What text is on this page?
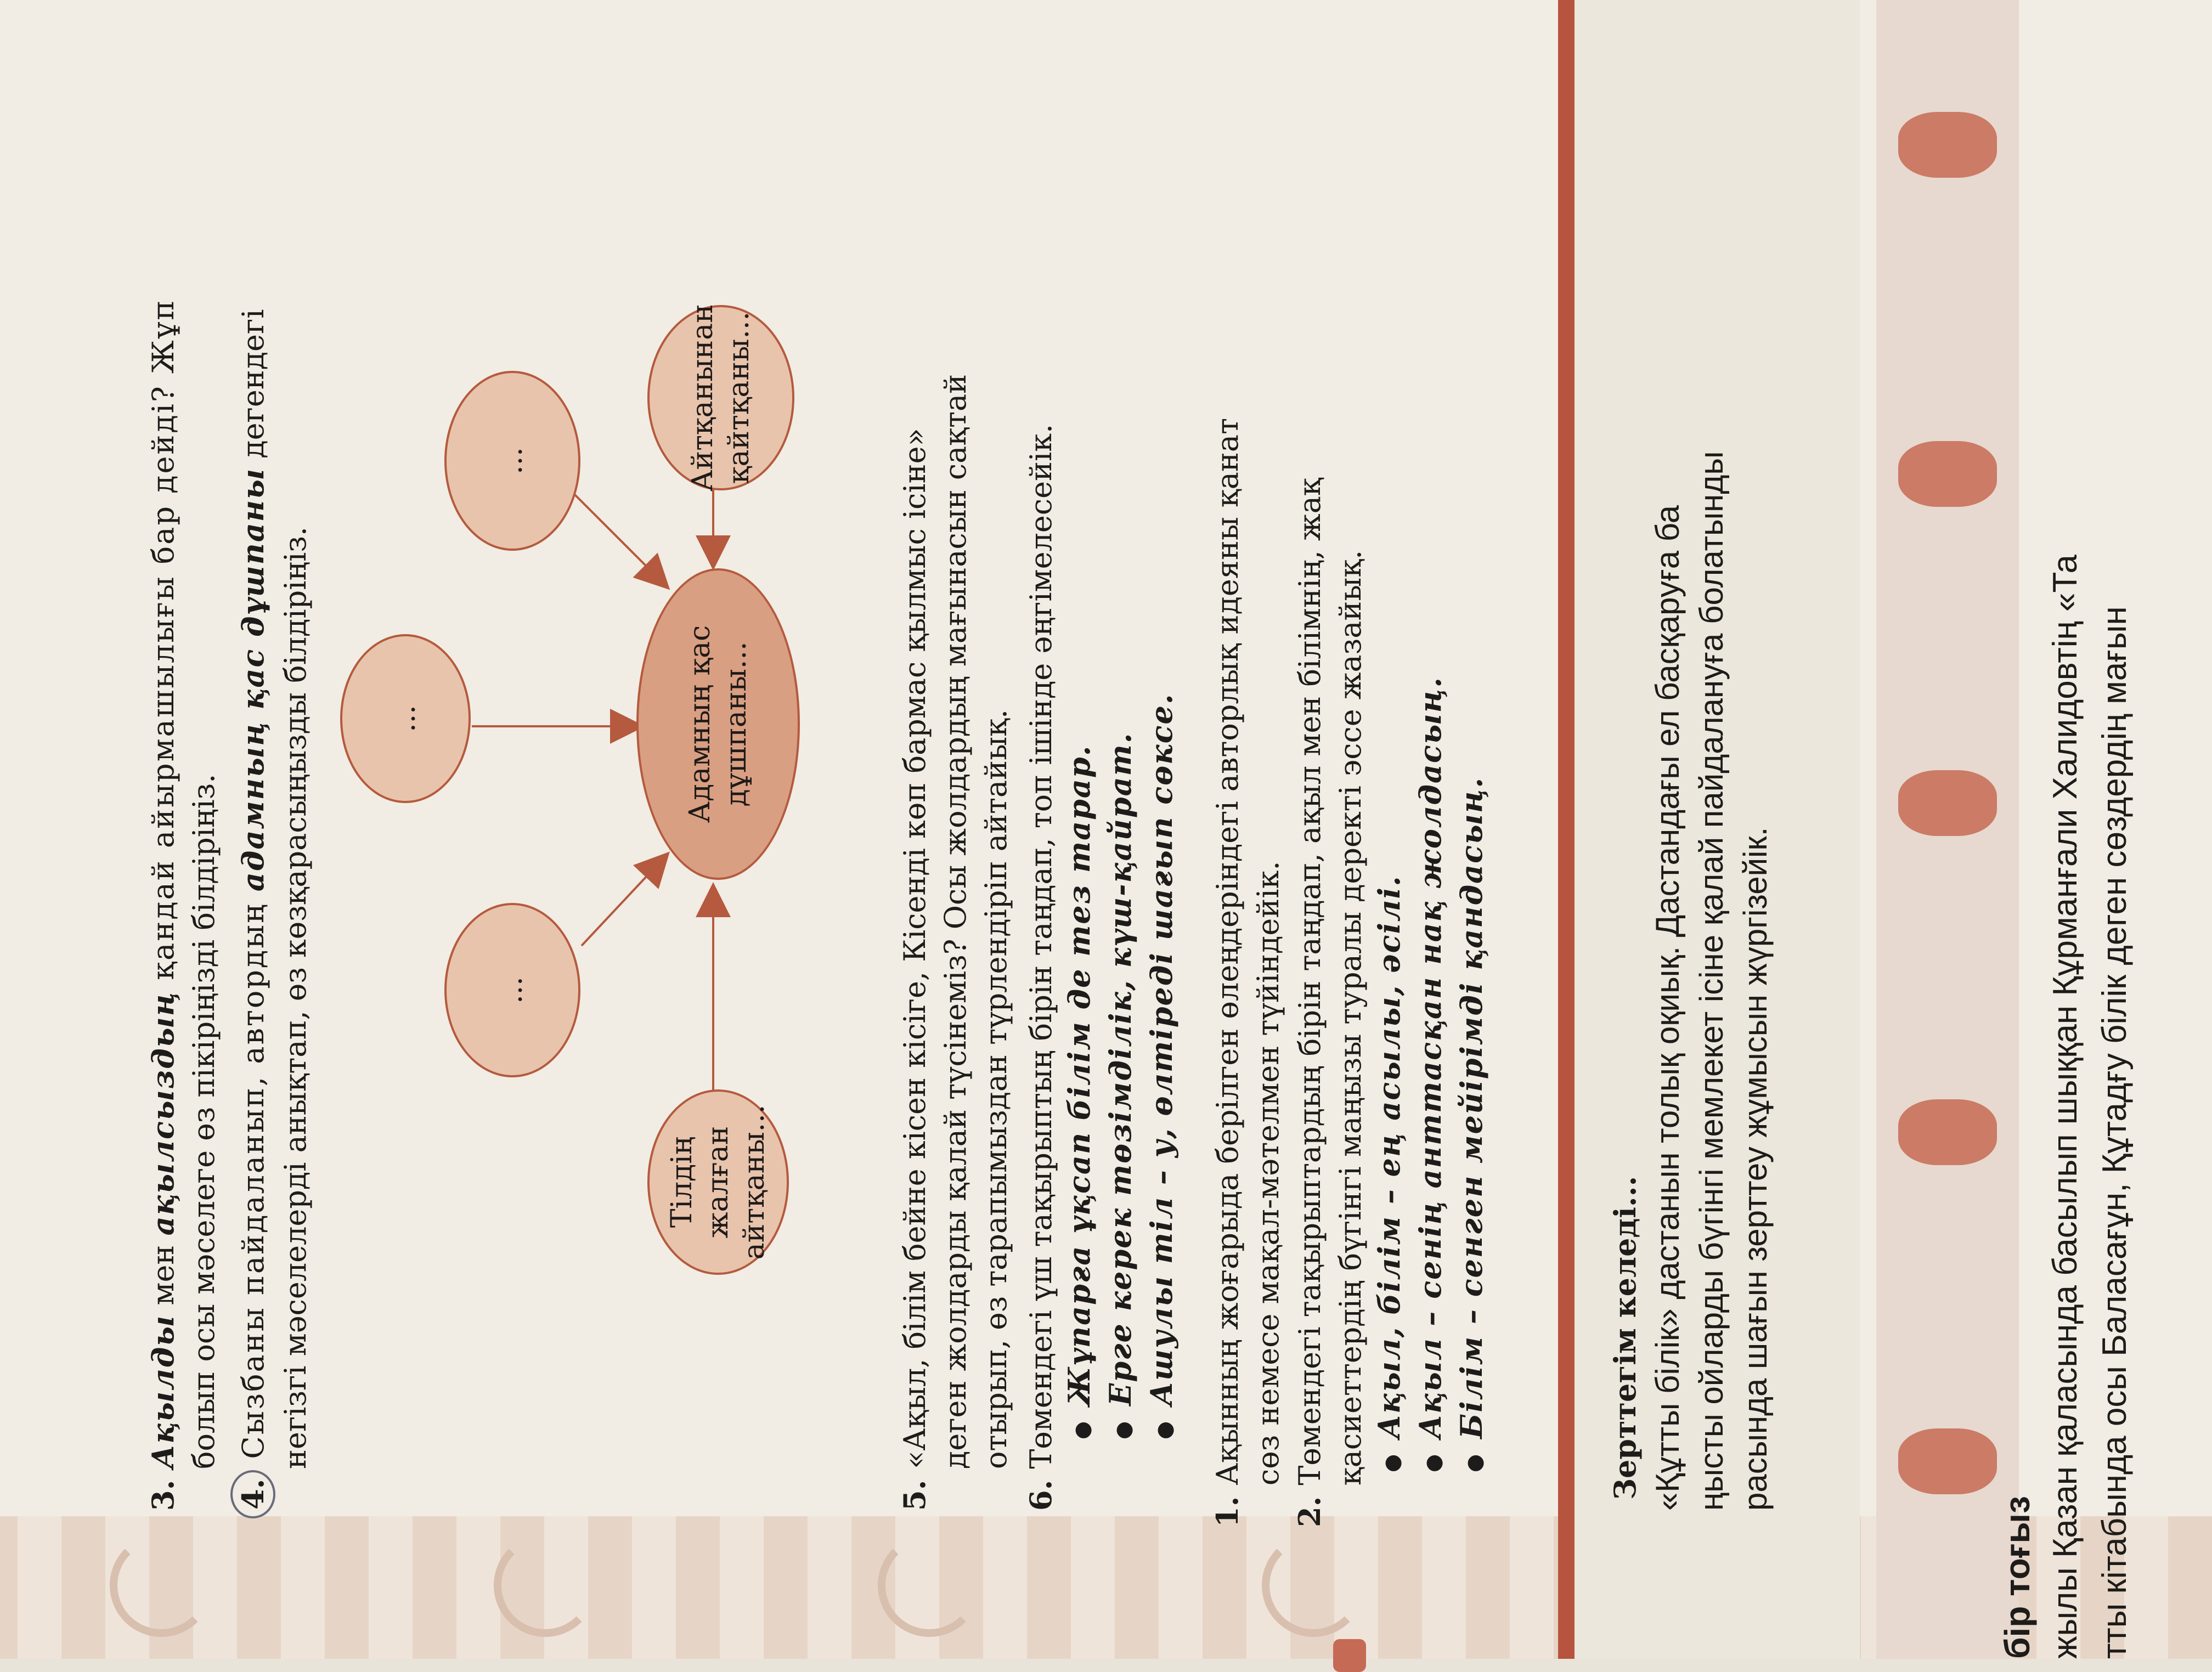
3.Ақылды мен ақылсыздың қандай айырмашылығы бар дейді? Жұп
болып осы мәселеге өз пікіріңізді білдіріңіз.
4.Сызбаны пайдаланып, автордың адамның қас дұшпаны дегендегі
негізгі мәселелерді анықтап, өз көзқарасыңызды білдіріңіз.	Тілдің жалған айтқаны...
...
...
...
Адамның қас дұшпаны...
Айтқанынан қайтқаны...
5.«Ақыл, білім бейне кісен кісіге, Кісенді көп бармас қылмыс ісіне» деген жолдарды қалай түсінеміз? Осы жолдардың мағынасын сақтай отырып, өз тарапымыздан түрлендіріп айтайық.
6.Төмендегі үш тақырыптың бірін таңдап, топ ішінде әңгімелесейік. ● Жұпарға ұқсап білім де тез тарар. ● Ерге керек төзімділік, күш-қайрат. ● Ашулы тіл – у, өлтіреді шағып сөксе.
1.Ақынның жоғарыда берілген өлеңдеріндегі авторлық идеяны қанат сөз немесе мақал-мәтелмен түйіндейік.
2.Төмендегі тақырыптардың бірін таңдап, ақыл мен білімнің, жақ қасиеттердің бүгінгі маңызы туралы деректі эссе жазайық. ● Ақыл, білім – ең асылы, әсілі. ● Ақыл – сенің анттасқан нақ жолдасың. ● Білім – сенген мейірімді қандасың.	Зерттегім келеді... «Құтты білік» дастанын толық оқиық. Дастандағы ел басқаруға ба ңысты ойларды бүгінгі мемлекет ісіне қалай пайдалануға болатынды расында шағын зерттеу жұмысын жүргізейік.
бір тоғыз жылы Қазан қаласында басылып шыққан Құрманғали Халидовтің «Та тты кітабында осы Баласағұн, Құтадғу білік деген сөздердің мағын
